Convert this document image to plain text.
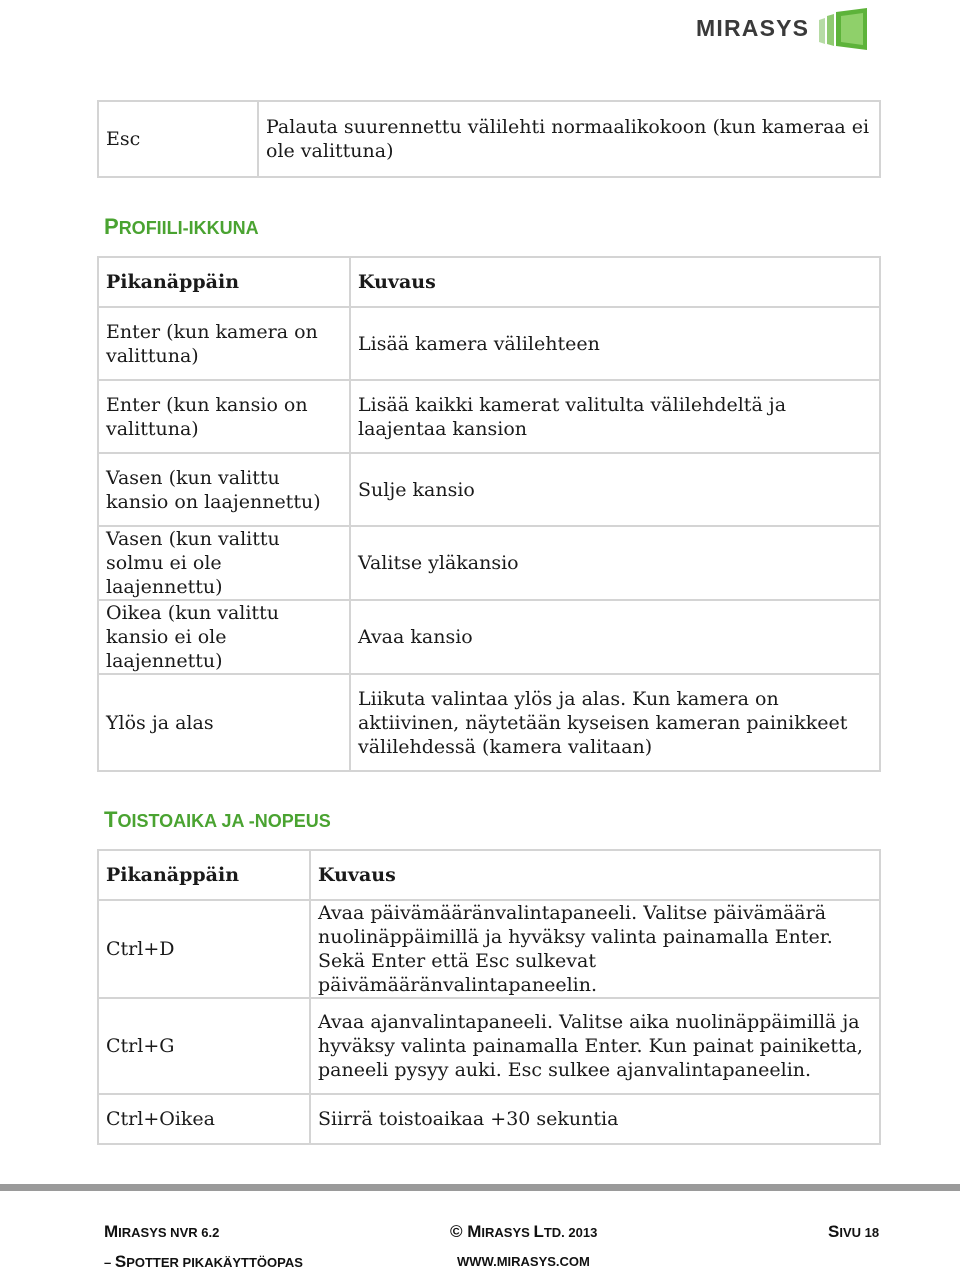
MIRASYS
Esc	Palauta suurennettu välilehti normaalikokoon (kun kameraa ei ole valittuna)
PROFIILI-IKKUNA
Pikanäppäin	Kuvaus
Enter (kun kamera on valittuna)	Lisää kamera välilehteen
Enter (kun kansio on valittuna)	Lisää kaikki kamerat valitulta välilehdeltä ja laajentaa kansion
Vasen (kun valittu kansio on laajennettu)	Sulje kansio
Vasen (kun valittu solmu ei ole laajennettu)	Valitse yläkansio
Oikea (kun valittu kansio ei ole laajennettu)	Avaa kansio
Ylös ja alas	Liikuta valintaa ylös ja alas. Kun kamera on aktiivinen, näytetään kyseisen kameran painikkeet välilehdessä (kamera valitaan)
TOISTOAIKA JA -NOPEUS
Pikanäppäin	Kuvaus
Ctrl+D	Avaa päivämääränvalintapaneeli. Valitse päivämäärä nuolinäppäimillä ja hyväksy valinta painamalla Enter. Sekä Enter että Esc sulkevat päivämääränvalintapaneelin.
Ctrl+G	Avaa ajanvalintapaneeli. Valitse aika nuolinäppäimillä ja hyväksy valinta painamalla Enter. Kun painat painiketta, paneeli pysyy auki. Esc sulkee ajanvalintapaneelin.
Ctrl+Oikea	Siirrä toistoaikaa +30 sekuntia
MIRASYS NVR 6.2
– SPOTTER PIKAKÄYTTÖOPAS
© MIRASYS LTD. 2013
WWW.MIRASYS.COM
SIVU 18
